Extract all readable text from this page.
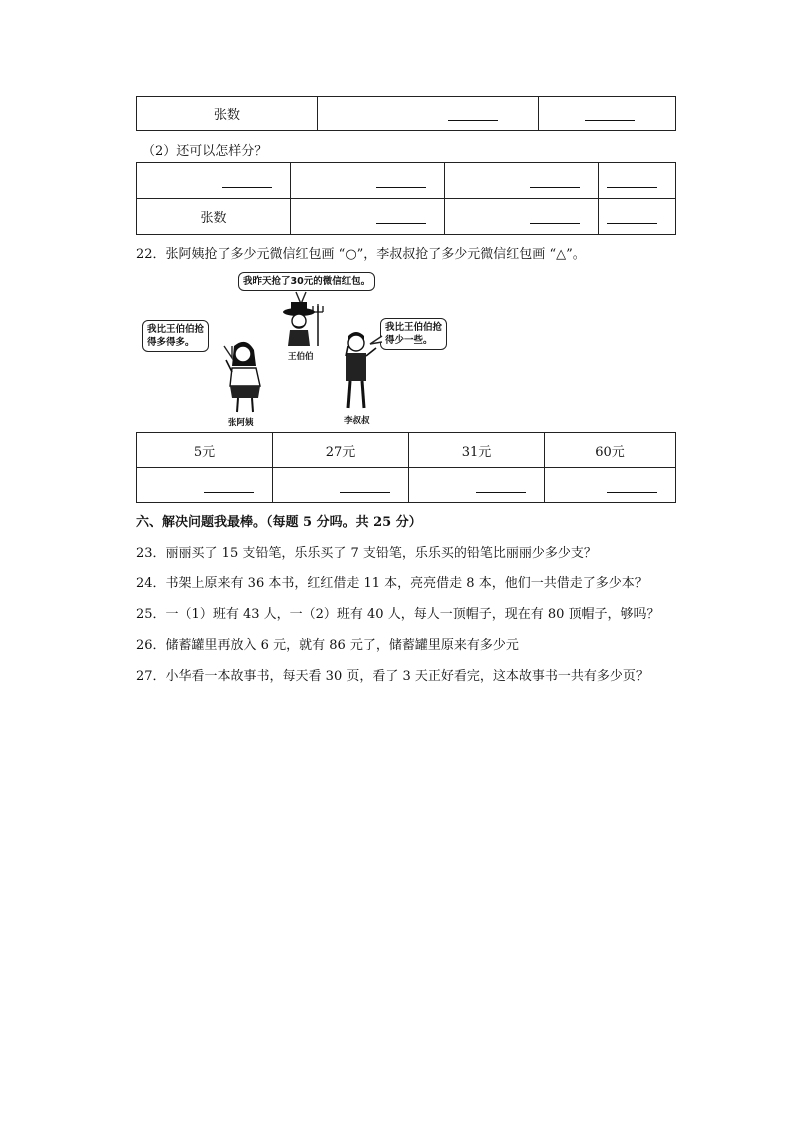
张数		
（2）还可以怎样分？

张数			
22．张阿姨抢了多少元微信红包画 “○”，李叔叔抢了多少元微信红包画 “△”。
我昨天抢了30元的微信红包。
我比王伯伯抢
得多得多。
我比王伯伯抢
得少一些。
王伯伯
张阿姨	李叔叔
5元	27元	31元	60元

六、解决问题我最棒。（每题 5 分吗。共 25 分）
23．丽丽买了 15 支铅笔，乐乐买了 7 支铅笔，乐乐买的铅笔比丽丽少多少支？
24．书架上原来有 36 本书，红红借走 11 本，亮亮借走 8 本，他们一共借走了多少本？
25．一（1）班有 43 人，一（2）班有 40 人，每人一顶帽子，现在有 80 顶帽子，够吗？
26．储蓄罐里再放入 6 元，就有 86 元了，储蓄罐里原来有多少元
27．小华看一本故事书，每天看 30 页，看了 3 天正好看完，这本故事书一共有多少页？
